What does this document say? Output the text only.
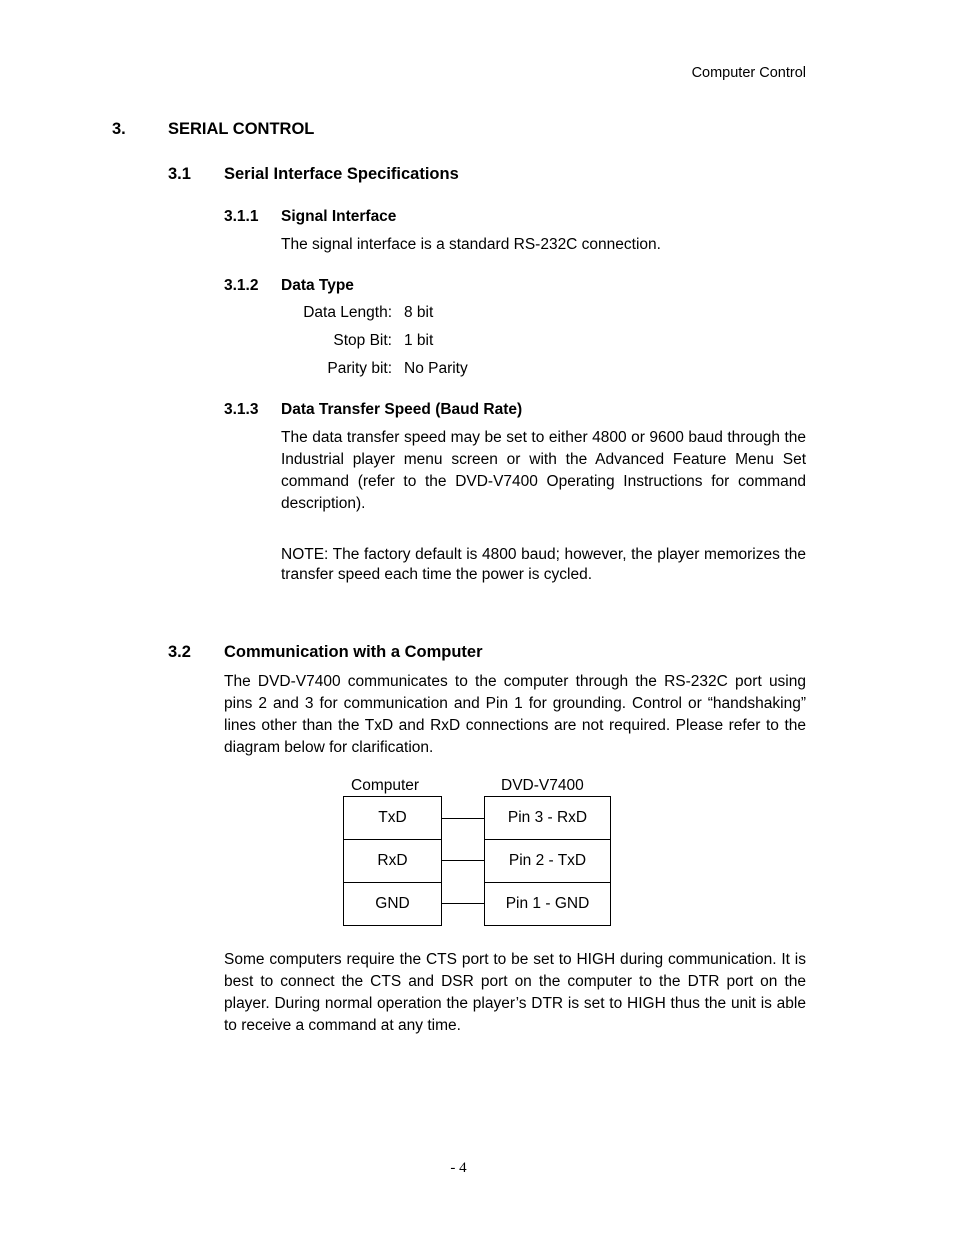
Computer Control
3.	SERIAL CONTROL
3.1 Serial Interface Specifications
3.1.1 Signal Interface
The signal interface is a standard RS-232C connection.
3.1.2 Data Type
Data Length: 8 bit
Stop Bit: 1 bit
Parity bit: No Parity
3.1.3 Data Transfer Speed (Baud Rate)

The data transfer speed may be set to either 4800 or 9600 baud through the Industrial player menu screen or with the Advanced Feature Menu Set command (refer to the DVD-V7400 Operating Instructions for command description).

NOTE: The factory default is 4800 baud; however, the player memorizes the transfer speed each time the power is cycled.

3.2 Communication with a Computer

The DVD-V7400 communicates to the computer through the RS-232C port using pins 2 and 3 for communication and Pin 1 for grounding. Control or “handshaking” lines other than the TxD and RxD connections are not required. Please refer to the diagram below for clarification.

Computer	DVD-V7400
TxD
RxD
GND
Pin 3 - RxD
Pin 2 - TxD
Pin 1 - GND

Some computers require the CTS port to be set to HIGH during communication. It is best to connect the CTS and DSR port on the computer to the DTR port on the player. During normal operation the player’s DTR is set to HIGH thus the unit is able to receive a command at any time.

- 4
